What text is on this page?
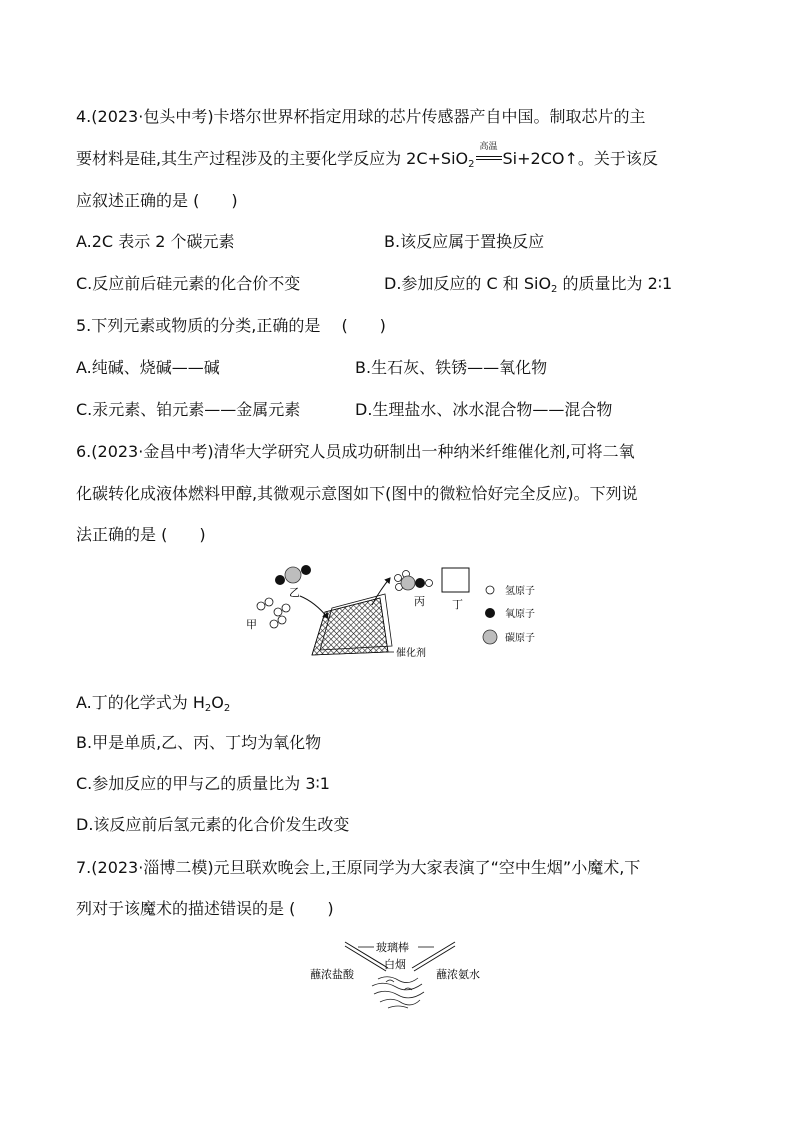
4.(2023·包头中考)卡塔尔世界杯指定用球的芯片传感器产自中国。制取芯片的主
要材料是硅,其生产过程涉及的主要化学反应为 2C+SiO$_2$
高温
Si+2CO↑。关于该反
应叙述正确的是 (　　)
A.2C 表示 2 个碳元素	B.该反应属于置换反应
C.反应前后硅元素的化合价不变	D.参加反应的 C 和 SiO$_2$ 的质量比为 2∶1
5.下列元素或物质的分类,正确的是　 (　　)
A.纯碱、烧碱——碱	B.生石灰、铁锈——氧化物
C.汞元素、铂元素——金属元素	D.生理盐水、冰水混合物——混合物
6.(2023·金昌中考)清华大学研究人员成功研制出一种纳米纤维催化剂,可将二氧
化碳转化成液体燃料甲醇,其微观示意图如下(图中的微粒恰好完全反应)。下列说
法正确的是 (　　)
乙
甲
丙 丁
氢原子
氧原子
碳原子
催化剂
A.丁的化学式为 $H_2O_2$
B.甲是单质,乙、丙、丁均为氧化物
C.参加反应的甲与乙的质量比为 3∶1
D.该反应前后氢元素的化合价发生改变
7.(2023·淄博二模)元旦联欢晚会上,王原同学为大家表演了“空中生烟”小魔术,下
列对于该魔术的描述错误的是 (　　)
玻璃棒
白烟
蘸浓盐酸	蘸浓氨水
